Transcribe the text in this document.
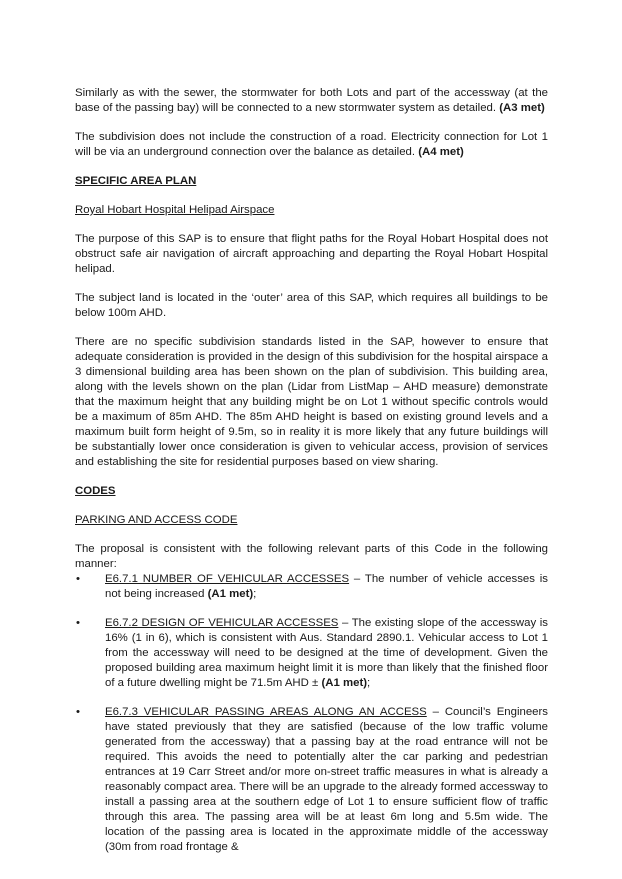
Similarly as with the sewer, the stormwater for both Lots and part of the accessway (at the base of the passing bay) will be connected to a new stormwater system as detailed. (A3 met)

The subdivision does not include the construction of a road. Electricity connection for Lot 1 will be via an underground connection over the balance as detailed. (A4 met)

SPECIFIC AREA PLAN

Royal Hobart Hospital Helipad Airspace

The purpose of this SAP is to ensure that flight paths for the Royal Hobart Hospital does not obstruct safe air navigation of aircraft approaching and departing the Royal Hobart Hospital helipad.

The subject land is located in the ‘outer’ area of this SAP, which requires all buildings to be below 100m AHD.

There are no specific subdivision standards listed in the SAP, however to ensure that adequate consideration is provided in the design of this subdivision for the hospital airspace a 3 dimensional building area has been shown on the plan of subdivision. This building area, along with the levels shown on the plan (Lidar from ListMap – AHD measure) demonstrate that the maximum height that any building might be on Lot 1 without specific controls would be a maximum of 85m AHD. The 85m AHD height is based on existing ground levels and a maximum built form height of 9.5m, so in reality it is more likely that any future buildings will be substantially lower once consideration is given to vehicular access, provision of services and establishing the site for residential purposes based on view sharing.

CODES

PARKING AND ACCESS CODE

The proposal is consistent with the following relevant parts of this Code in the following manner:

• E6.7.1 NUMBER OF VEHICULAR ACCESSES – The number of vehicle accesses is not being increased (A1 met);
• E6.7.2 DESIGN OF VEHICULAR ACCESSES – The existing slope of the accessway is 16% (1 in 6), which is consistent with Aus. Standard 2890.1. Vehicular access to Lot 1 from the accessway will need to be designed at the time of development. Given the proposed building area maximum height limit it is more than likely that the finished floor of a future dwelling might be 71.5m AHD ± (A1 met);
• E6.7.3 VEHICULAR PASSING AREAS ALONG AN ACCESS – Council’s Engineers have stated previously that they are satisfied (because of the low traffic volume generated from the accessway) that a passing bay at the road entrance will not be required. This avoids the need to potentially alter the car parking and pedestrian entrances at 19 Carr Street and/or more on-street traffic measures in what is already a reasonably compact area. There will be an upgrade to the already formed accessway to install a passing area at the southern edge of Lot 1 to ensure sufficient flow of traffic through this area. The passing area will be at least 6m long and 5.5m wide. The location of the passing area is located in the approximate middle of the accessway (30m from road frontage &
